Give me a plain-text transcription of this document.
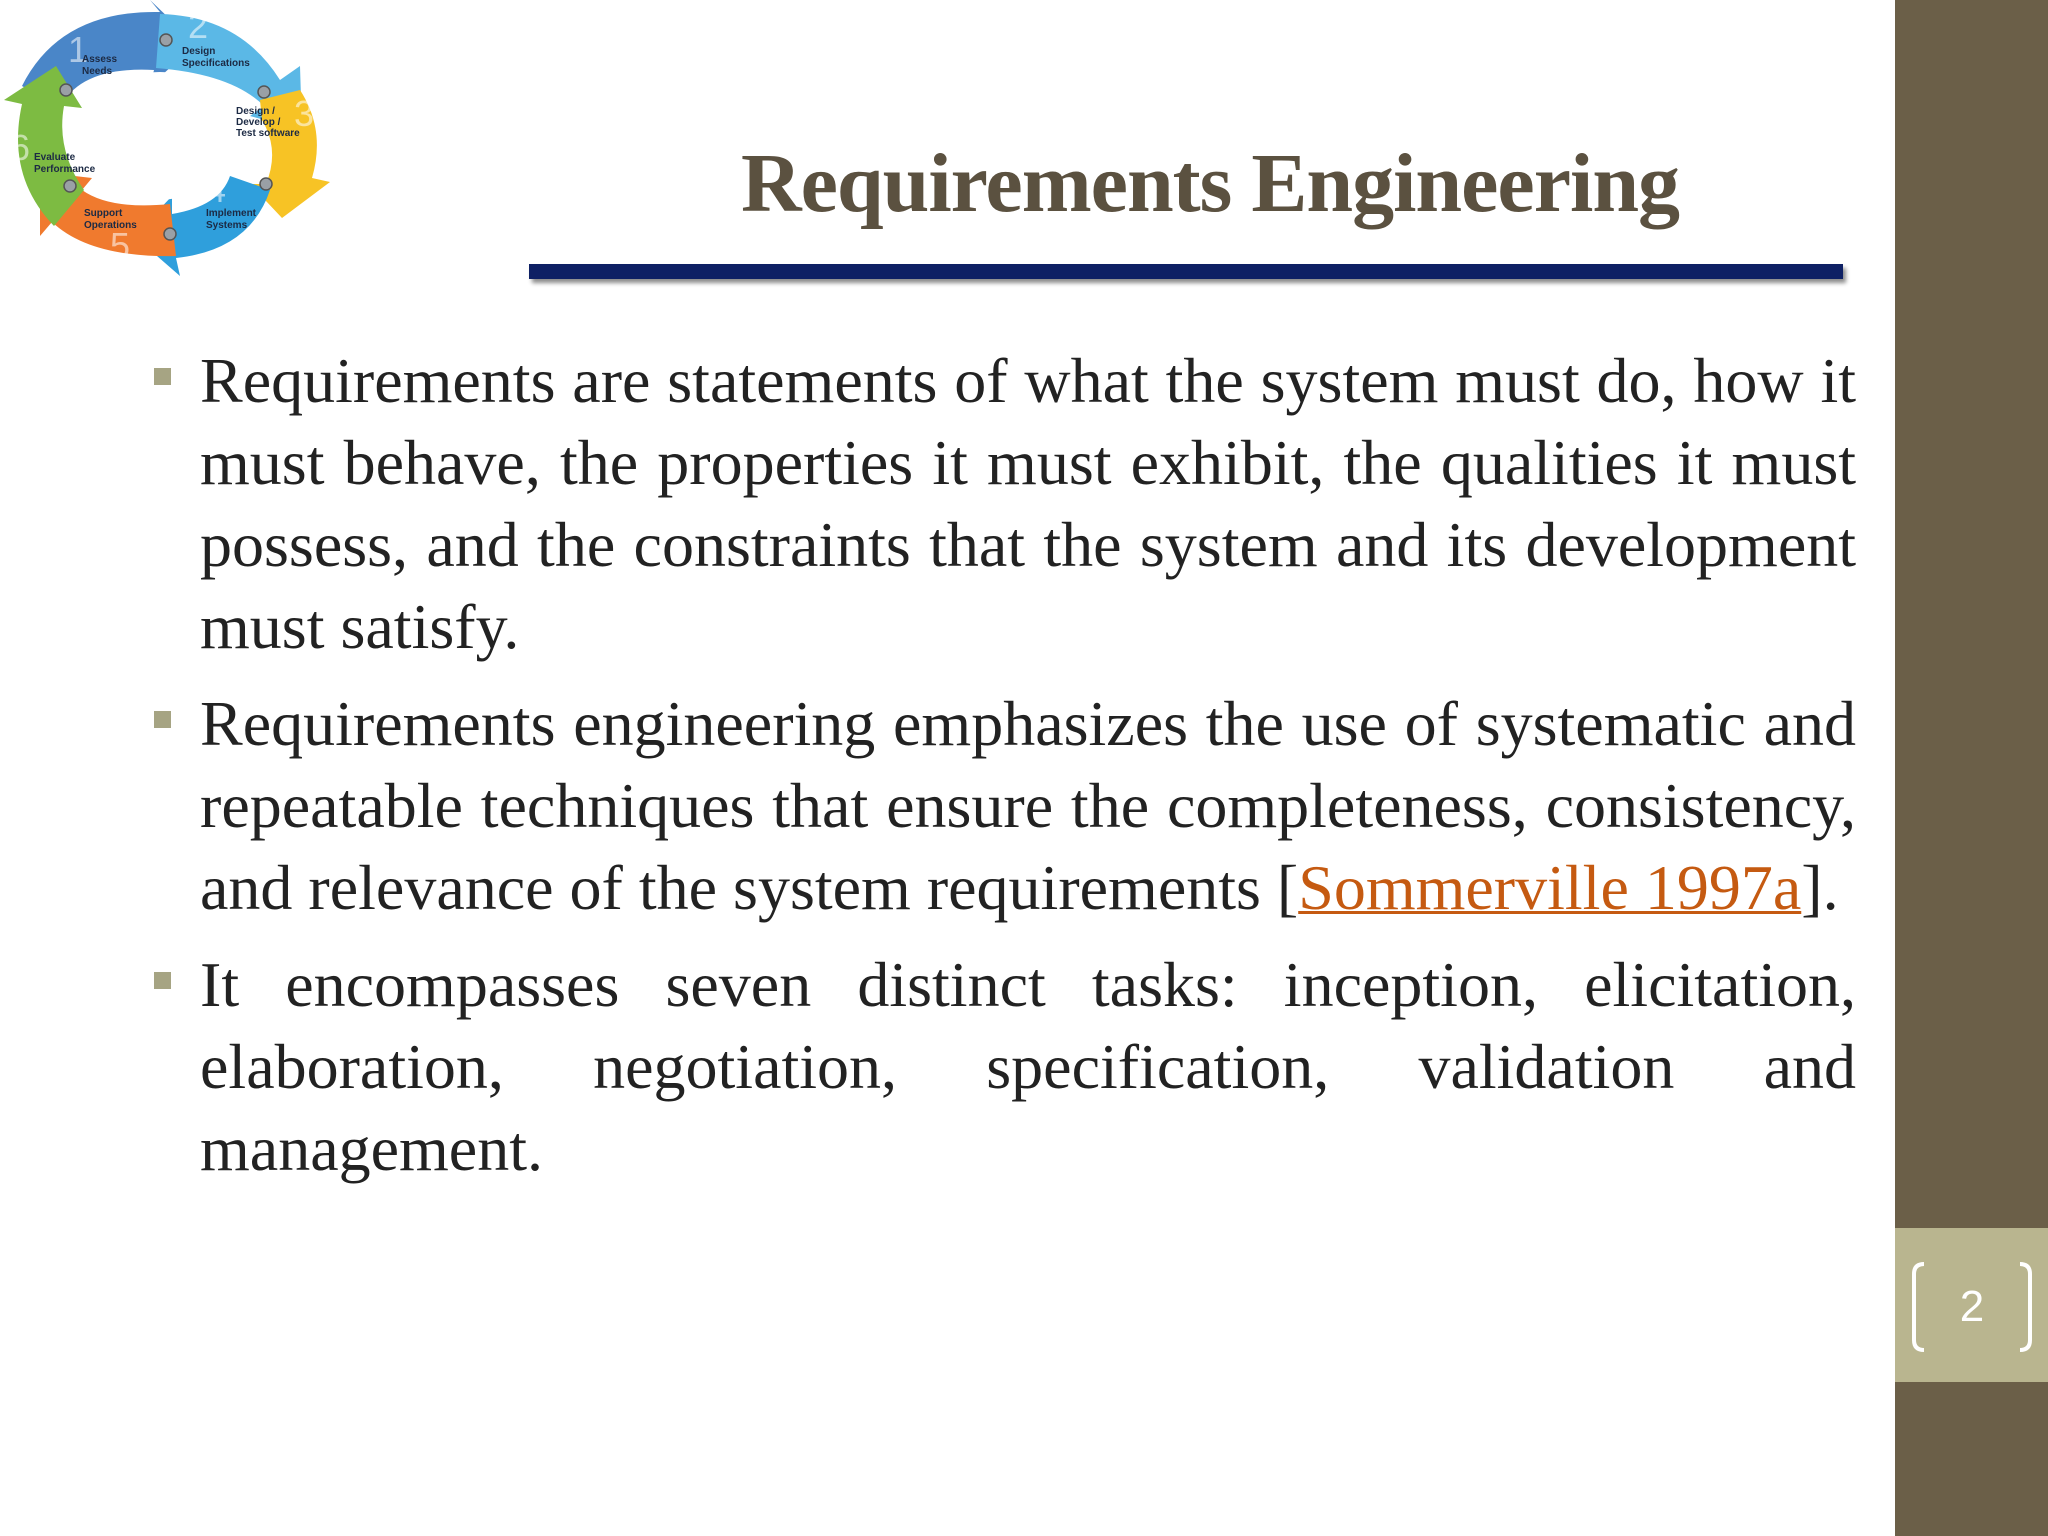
2
1
2
3
4
5
6
Assess
Needs
Design
Specifications
Design /
Develop /
Test software
Implement
Systems
Support
Operations
Evaluate
Performance	Requirements Engineering
Requirements are statements of what the system must do, how it must behave, the properties it must exhibit, the qualities it must possess, and the constraints that the system and its development must satisfy.
Requirements engineering emphasizes the use of systematic and repeatable techniques that ensure the completeness, consistency, and relevance of the system requirements [Sommerville 1997a].
It encompasses seven distinct tasks: inception, elicitation, elaboration, negotiation, specification, validation and management.
